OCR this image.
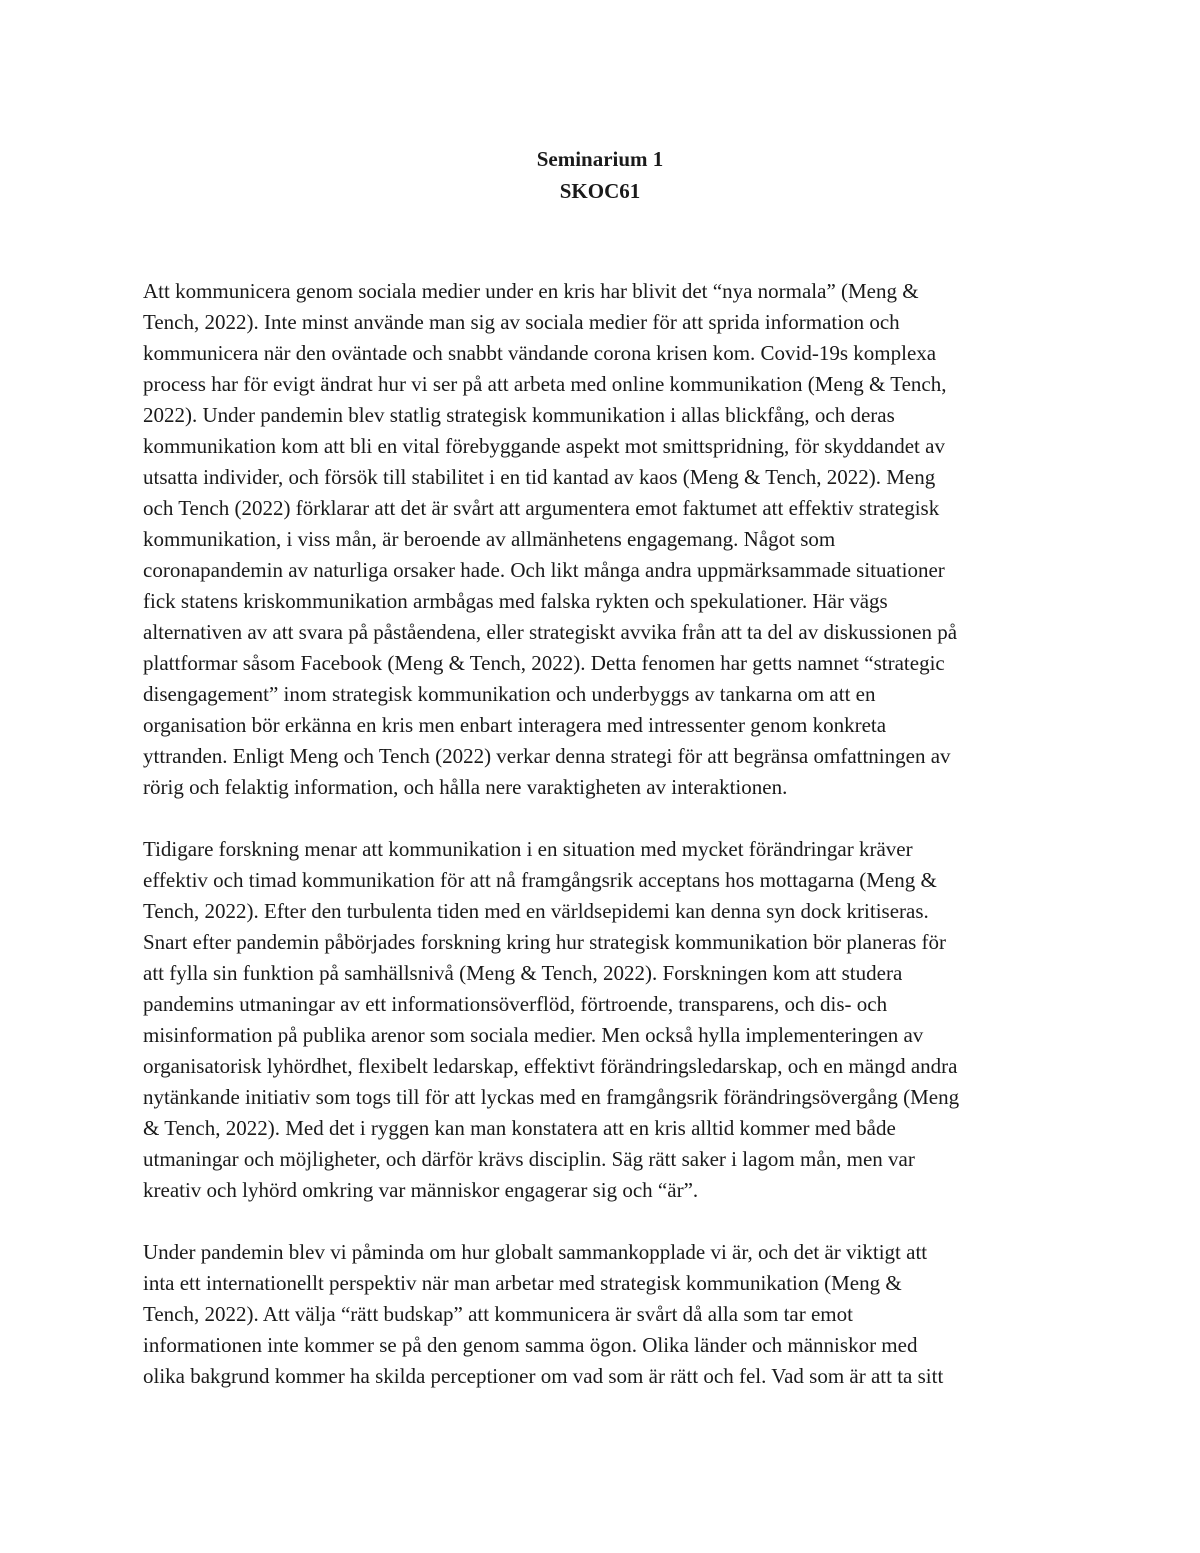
Seminarium 1
SKOC61
Att kommunicera genom sociala medier under en kris har blivit det “nya normala” (Meng &
Tench, 2022). Inte minst använde man sig av sociala medier för att sprida information och
kommunicera när den oväntade och snabbt vändande corona krisen kom. Covid-19s komplexa
process har för evigt ändrat hur vi ser på att arbeta med online kommunikation (Meng & Tench,
2022). Under pandemin blev statlig strategisk kommunikation i allas blickfång, och deras
kommunikation kom att bli en vital förebyggande aspekt mot smittspridning, för skyddandet av
utsatta individer, och försök till stabilitet i en tid kantad av kaos (Meng & Tench, 2022). Meng
och Tench (2022) förklarar att det är svårt att argumentera emot faktumet att effektiv strategisk
kommunikation, i viss mån, är beroende av allmänhetens engagemang. Något som
coronapandemin av naturliga orsaker hade. Och likt många andra uppmärksammade situationer
fick statens kriskommunikation armbågas med falska rykten och spekulationer. Här vägs
alternativen av att svara på påståendena, eller strategiskt avvika från att ta del av diskussionen på
plattformar såsom Facebook (Meng & Tench, 2022). Detta fenomen har getts namnet “strategic
disengagement” inom strategisk kommunikation och underbyggs av tankarna om att en
organisation bör erkänna en kris men enbart interagera med intressenter genom konkreta
yttranden. Enligt Meng och Tench (2022) verkar denna strategi för att begränsa omfattningen av
rörig och felaktig information, och hålla nere varaktigheten av interaktionen.
Tidigare forskning menar att kommunikation i en situation med mycket förändringar kräver
effektiv och timad kommunikation för att nå framgångsrik acceptans hos mottagarna (Meng &
Tench, 2022). Efter den turbulenta tiden med en världsepidemi kan denna syn dock kritiseras.
Snart efter pandemin påbörjades forskning kring hur strategisk kommunikation bör planeras för
att fylla sin funktion på samhällsnivå (Meng & Tench, 2022). Forskningen kom att studera
pandemins utmaningar av ett informationsöverflöd, förtroende, transparens, och dis- och
misinformation på publika arenor som sociala medier. Men också hylla implementeringen av
organisatorisk lyhördhet, flexibelt ledarskap, effektivt förändringsledarskap, och en mängd andra
nytänkande initiativ som togs till för att lyckas med en framgångsrik förändringsövergång (Meng
& Tench, 2022). Med det i ryggen kan man konstatera att en kris alltid kommer med både
utmaningar och möjligheter, och därför krävs disciplin. Säg rätt saker i lagom mån, men var
kreativ och lyhörd omkring var människor engagerar sig och “är”.
Under pandemin blev vi påminda om hur globalt sammankopplade vi är, och det är viktigt att
inta ett internationellt perspektiv när man arbetar med strategisk kommunikation (Meng &
Tench, 2022). Att välja “rätt budskap” att kommunicera är svårt då alla som tar emot
informationen inte kommer se på den genom samma ögon. Olika länder och människor med
olika bakgrund kommer ha skilda perceptioner om vad som är rätt och fel. Vad som är att ta sitt
